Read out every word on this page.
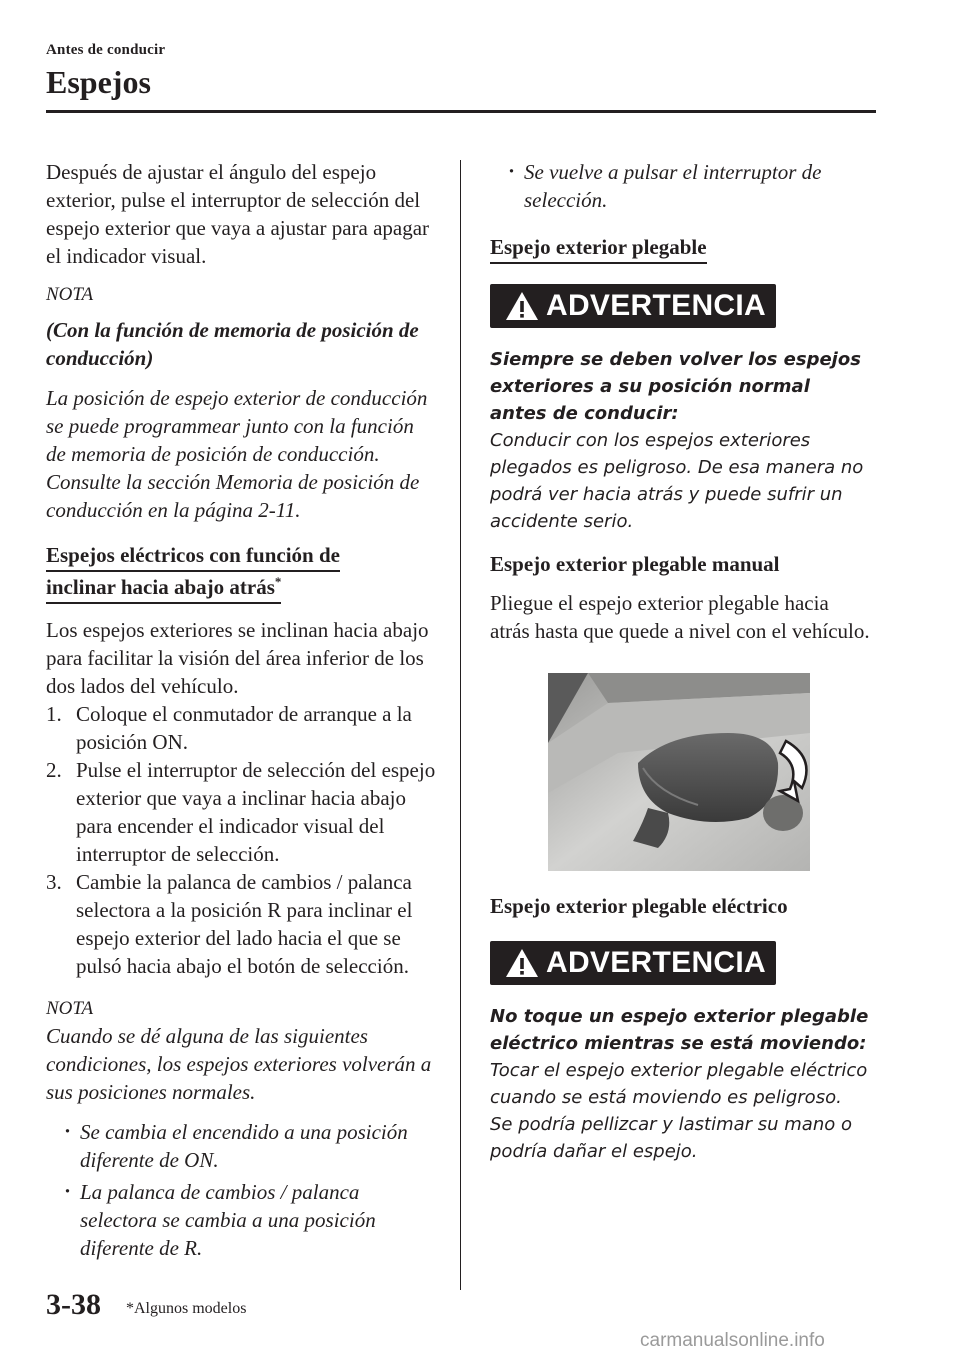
Antes de conducir
Espejos

Después de ajustar el ángulo del espejo exterior, pulse el interruptor de selección del espejo exterior que vaya a ajustar para apagar el indicador visual.

NOTA

(Con la función de memoria de posición de conducción)

La posición de espejo exterior de conducción se puede programmear junto con la función de memoria de posición de conducción.

Consulte la sección Memoria de posición de conducción en la página 2-11.

Espejos eléctricos con función de
inclinar hacia abajo atrás*

Los espejos exteriores se inclinan hacia abajo para facilitar la visión del área inferior de los dos lados del vehículo.

1. Coloque el conmutador de arranque a la posición ON.
2. Pulse el interruptor de selección del espejo exterior que vaya a inclinar hacia abajo para encender el indicador visual del interruptor de selección.
3. Cambie la palanca de cambios / palanca selectora a la posición R para inclinar el espejo exterior del lado hacia el que se pulsó hacia abajo el botón de selección.
NOTA

Cuando se dé alguna de las siguientes condiciones, los espejos exteriores volverán a sus posiciones normales.

· Se cambia el encendido a una posición diferente de ON.
· La palanca de cambios / palanca selectora se cambia a una posición diferente de R.
· Se vuelve a pulsar el interruptor de selección.
Espejo exterior plegable
ADVERTENCIA

Siempre se deben volver los espejos exteriores a su posición normal antes de conducir:
Conducir con los espejos exteriores plegados es peligroso. De esa manera no podrá ver hacia atrás y puede sufrir un accidente serio.

Espejo exterior plegable manual

Pliegue el espejo exterior plegable hacia atrás hasta que quede a nivel con el vehículo.

Espejo exterior plegable eléctrico
ADVERTENCIA

No toque un espejo exterior plegable eléctrico mientras se está moviendo:
Tocar el espejo exterior plegable eléctrico cuando se está moviendo es peligroso. Se podría pellizcar y lastimar su mano o podría dañar el espejo.

3-38 *Algunos modelos
carmanualsonline.info
